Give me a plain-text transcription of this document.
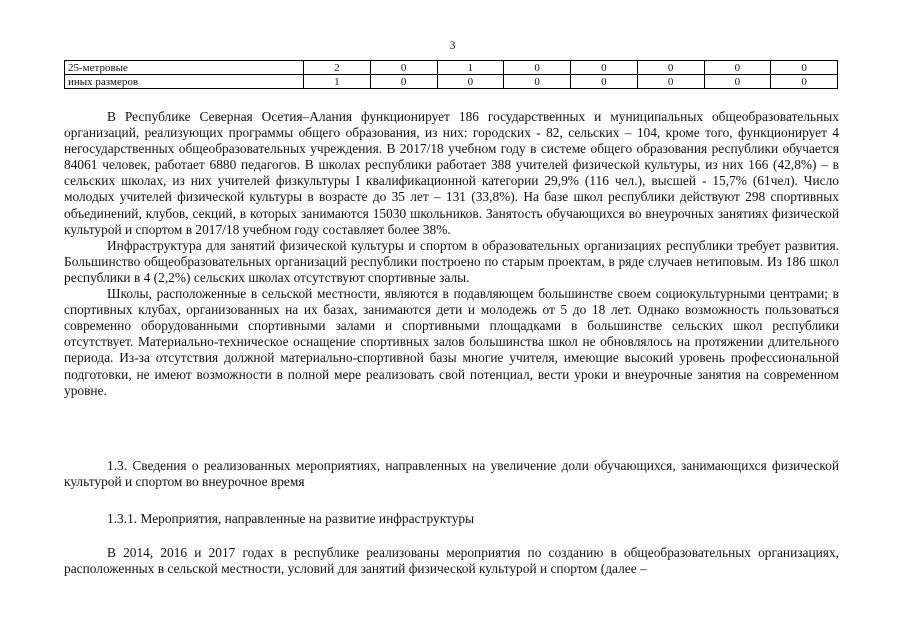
3
25-метровые	2	0	1	0	0	0	0	0
иных размеров	1	0	0	0	0	0	0	0

В Республике Северная Осетия–Алания функционирует 186 государственных и муниципальных общеобразовательных организаций, реализующих программы общего образования, из них: городских - 82, сельских – 104, кроме того, функционирует 4 негосударственных общеобразовательных учреждения. В 2017/18 учебном году в системе общего образования республики обучается 84061 человек, работает 6880 педагогов. В школах республики работает 388 учителей физической культуры, из них 166 (42,8%) – в сельских школах, из них учителей физкультуры I квалификационной категории 29,9% (116 чел.), высшей - 15,7% (61чел). Число молодых учителей физической культуры в возрасте до 35 лет – 131 (33,8%). На базе школ республики действуют 298 спортивных объединений, клубов, секций, в которых занимаются 15030 школьников. Занятость обучающихся во внеурочных занятиях физической культурой и спортом в 2017/18 учебном году составляет более 38%.

Инфраструктура для занятий физической культуры и спортом в образовательных организациях республики требует развития. Большинство общеобразовательных организаций республики построено по старым проектам, в ряде случаев нетиповым. Из 186 школ республики в 4 (2,2%) сельских школах отсутствуют спортивные залы.

Школы, расположенные в сельской местности, являются в подавляющем большинстве своем социокультурными центрами; в спортивных клубах, организованных на их базах, занимаются дети и молодежь от 5 до 18 лет. Однако возможность пользоваться современно оборудованными спортивными залами и спортивными площадками в большинстве сельских школ республики отсутствует. Материально-техническое оснащение спортивных залов большинства школ не обновлялось на протяжении длительного периода. Из-за отсутствия должной материально-спортивной базы многие учителя, имеющие высокий уровень профессиональной подготовки, не имеют возможности в полной мере реализовать свой потенциал, вести уроки и внеурочные занятия на современном уровне.

1.3. Сведения о реализованных мероприятиях, направленных на увеличение доли обучающихся, занимающихся физической культурой и спортом во внеурочное время
1.3.1. Мероприятия, направленные на развитие инфраструктуры
В 2014, 2016 и 2017 годах в республике реализованы мероприятия по созданию в общеобразовательных организациях, расположенных в сельской местности, условий для занятий физической культурой и спортом (далее –
